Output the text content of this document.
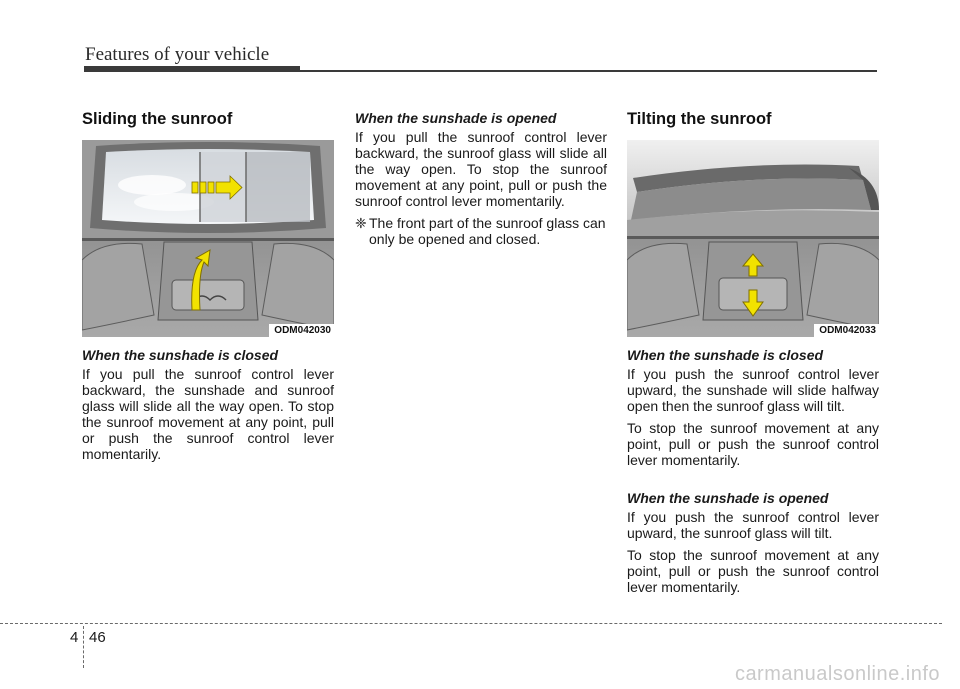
Features of your vehicle
Sliding the sunroof
ODM042030
When the sunshade is closed

If you pull the sunroof control lever backward, the sunshade and sunroof glass will slide all the way open. To stop the sunroof movement at any point, pull or push the sunroof control lever momentarily.

When the sunshade is opened

If you pull the sunroof control lever backward, the sunroof glass will slide all the way open. To stop the sunroof movement at any point, pull or push the sunroof control lever momentarily.

❈ The front part of the sunroof glass can only be opened and closed.

Tilting the sunroof
ODM042033
When the sunshade is closed

If you push the sunroof control lever upward, the sunshade will slide halfway open then the sunroof glass will tilt.

To stop the sunroof movement at any point, pull or push the sunroof control lever momentarily.

When the sunshade is opened

If you push the sunroof control lever upward, the sunroof glass will tilt.

To stop the sunroof movement at any point, pull or push the sunroof control lever momentarily.

4 46
carmanualsonline.info
